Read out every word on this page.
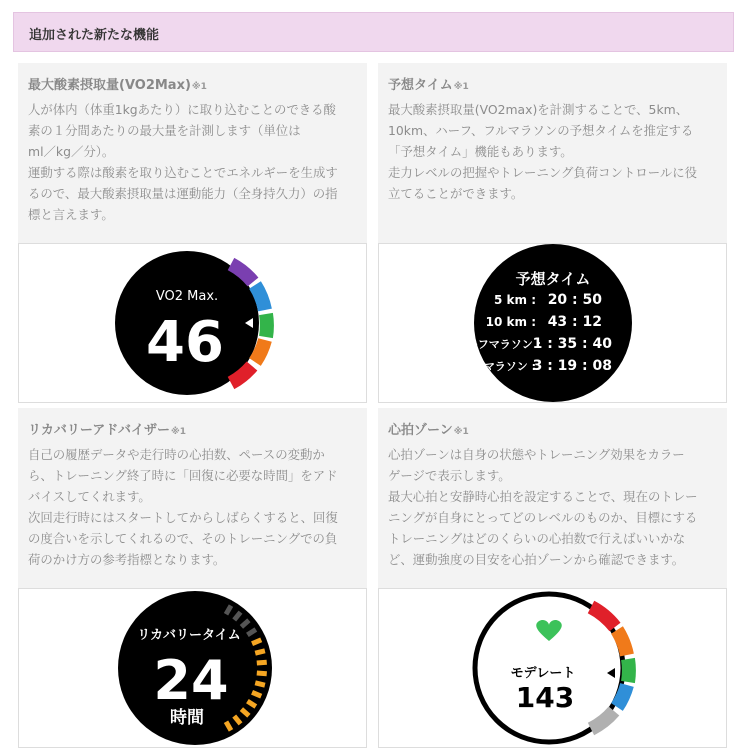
追加された新たな機能
最大酸素摂取量(VO2Max)※1

人が体内（体重1kgあたり）に取り込むことのできる酸

素の１分間あたりの最大量を計測します（単位は

ml／kg／分）。

運動する際は酸素を取り込むことでエネルギーを生成す

るので、最大酸素摂取量は運動能力（全身持久力）の指

標と言えます。

VO2 Max.
46
予想タイム※1

最大酸素摂取量(VO2max)を計測することで、5km、

10km、ハーフ、フルマラソンの予想タイムを推定する

「予想タイム」機能もあります。

走力レベルの把握やトレーニング負荷コントロールに役

立てることができます。

予想タイム
5 km : 20 : 50
10 km : 43 : 12
ハーフマラソン :
1 : 35 : 40
マラソン :
3 : 19 : 08
リカバリーアドバイザー※1

自己の履歴データや走行時の心拍数、ペースの変動か

ら、トレーニング終了時に「回復に必要な時間」をアド

バイスしてくれます。

次回走行時にはスタートしてからしばらくすると、回復

の度合いを示してくれるので、そのトレーニングでの負

荷のかけ方の参考指標となります。

リカバリータイム
24
時間
心拍ゾーン※1

心拍ゾーンは自身の状態やトレーニング効果をカラー

ゲージで表示します。

最大心拍と安静時心拍を設定することで、現在のトレー

ニングが自身にとってどのレベルのものか、目標にする

トレーニングはどのくらいの心拍数で行えばいいかな

ど、運動強度の目安を心拍ゾーンから確認できます。

モデレート
143
